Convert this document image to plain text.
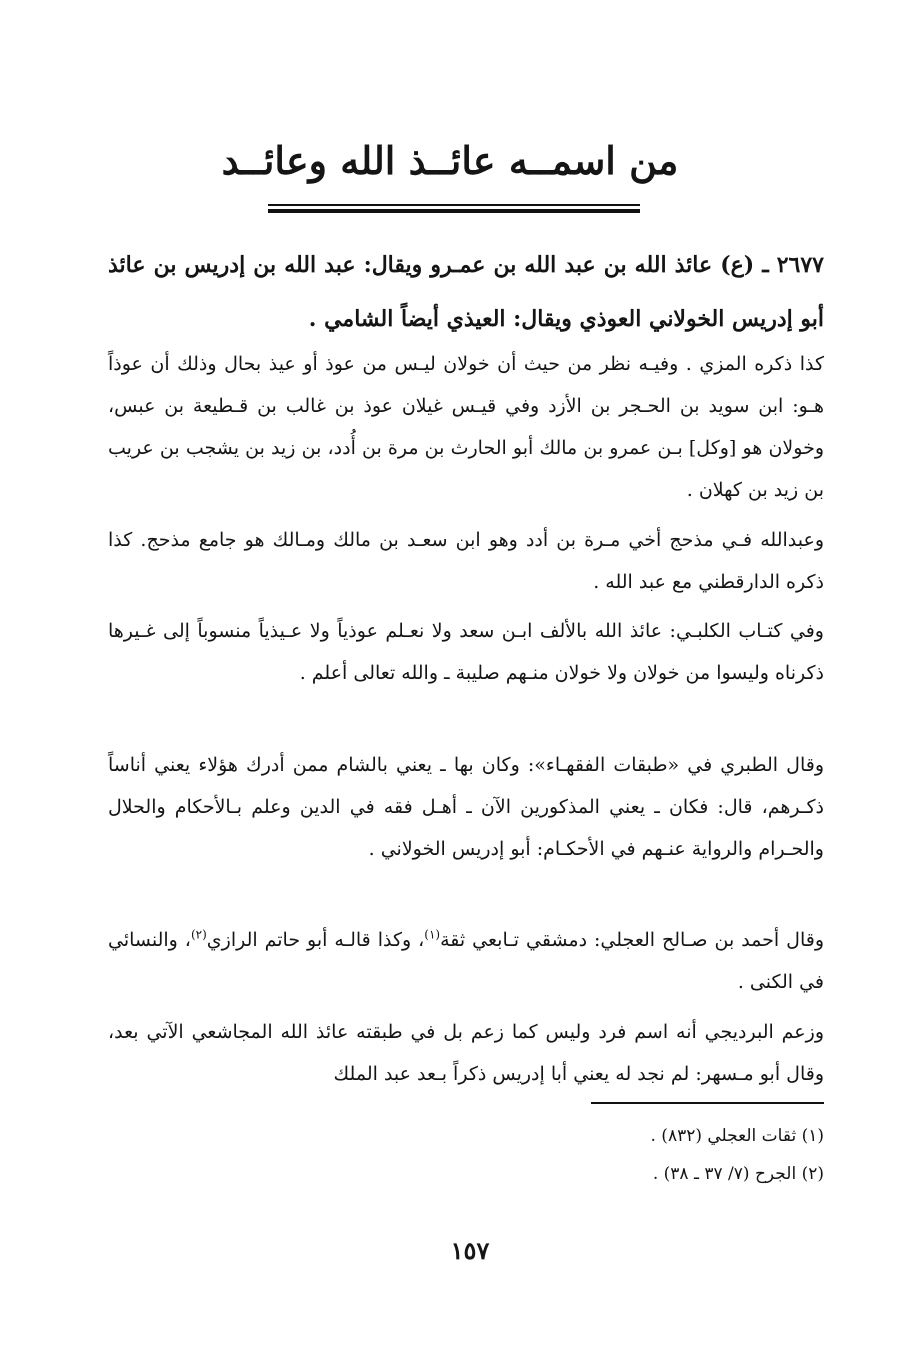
من اسمــه عائــذ الله وعائــد
٢٦٧٧ ـ (ع) عائذ الله بن عبد الله بن عمـرو ويقال: عبد الله بن إدريس بن عائذ أبو إدريس الخولاني العوذي ويقال: العيذي أيضاً الشامي .
كذا ذكره المزي . وفيـه نظر من حيث أن خولان ليـس من عوذ أو عيذ بحال وذلك أن عوذاً هـو: ابن سويد بن الحـجر بن الأزد وفي قيـس غيلان عوذ بن غالب بن قـطيعة بن عبس، وخولان هو [وكل] بـن عمرو بن مالك أبو الحارث بن مرة بن أُدد، بن زيد بن يشجب بن عريب بن زيد بن كهلان .
وعبدالله فـي مذحج أخي مـرة بن أدد وهو ابن سعـد بن مالك ومـالك هو جامع مذحج. كذا ذكره الدارقطني مع عبد الله .
وفي كتـاب الكلبـي: عائذ الله بالألف ابـن سعد ولا نعـلم عوذياً ولا عـيذياً منسوباً إلى غـيرها ذكرناه وليسوا من خولان ولا خولان منـهم صليبة ـ والله تعالى أعلم .
وقال الطبري في «طبقات الفقهـاء»: وكان بها ـ يعني بالشام ممن أدرك هؤلاء يعني أناساً ذكـرهم، قال: فكان ـ يعني المذكورين الآن ـ أهـل فقه في الدين وعلم بـالأحكام والحلال والحـرام والرواية عنـهم في الأحكـام: أبو إدريس الخولاني .
وقال أحمد بن صـالح العجلي: دمشقي تـابعي ثقة$^{(١)}$، وكذا قالـه أبو حاتم الرازي$^{(٢)}$، والنسائي في الكنى .
وزعم البرديجي أنه اسم فرد وليس كما زعم بل في طبقته عائذ الله المجاشعي الآتي بعد، وقال أبو مـسهر: لم نجد له يعني أبا إدريس ذكراً بـعد عبد الملك
(١) ثقات العجلي (٨٣٢) .
(٢) الجرح (٧/ ٣٧ ـ ٣٨) .
١٥٧
